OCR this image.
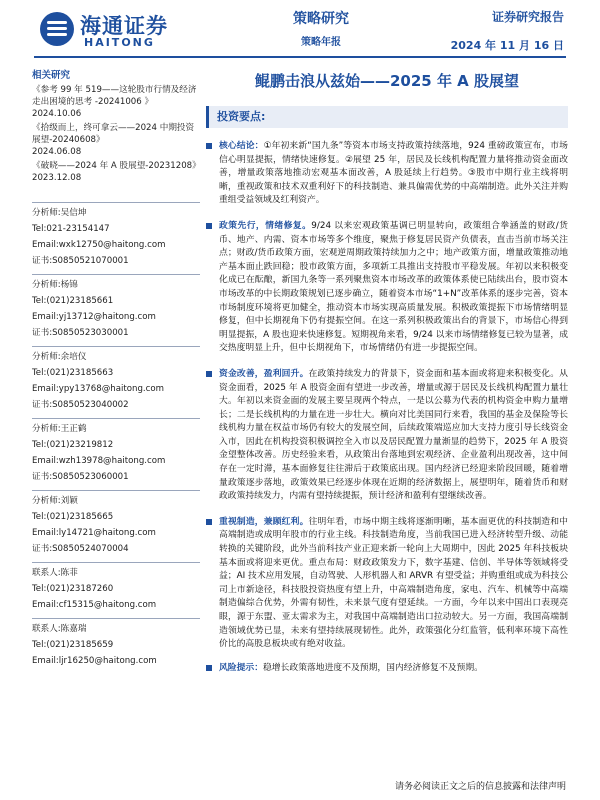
海通证券
HAITONG
策略研究
策略年报
证券研究报告
2024 年 11 月 16 日
相关研究
《参考 99 年 519——这轮股市行情及经济走出困境的思考 -20241006 》
2024.10.06
《拾级而上，终可拿云——2024 中期投资展望-20240608》
2024.06.08
《破晓——2024 年 A 股展望-20231208》
2023.12.08
分析师:吴信坤
Tel:021-23154147
Email:wxk12750@haitong.com
证书:S0850521070001
分析师:杨锦
Tel:(021)23185661
Email:yj13712@haitong.com
证书:S0850523030001
分析师:余培仪
Tel:(021)23185663
Email:ypy13768@haitong.com
证书:S0850523040002
分析师:王正鹤
Tel:(021)23219812
Email:wzh13978@haitong.com
证书:S0850523060001
分析师:刘颖
Tel:(021)23185665
Email:ly14721@haitong.com
证书:S0850524070004
联系人:陈菲
Tel:(021)23187260
Email:cf15315@haitong.com
联系人:陈嘉瑞
Tel:(021)23185659
Email:ljr16250@haitong.com
鲲鹏击浪从兹始——2025 年 A 股展望
投资要点:
核心结论：①年初来新“国九条”等资本市场支持政策持续落地，924 重磅政策宣布，市场信心明显提振，情绪快速修复。②展望 25 年，居民及长线机构配置力量将推动资金面改善，增量政策落地推动宏观基本面改善，A 股延续上行趋势。③股市中期行业主线将明晰，重视政策和技术双重利好下的科技制造、兼具偏需优势的中高端制造。此外关注并购重组受益领域及红利资产。
政策先行，情绪修复。9/24 以来宏观政策基调已明显转向，政策组合拳涵盖的财政/货币、地产、内需、资本市场等多个维度，聚焦于修复居民资产负债表，直击当前市场关注点；财政/货币政策方面，宏观逆周期政策持续加力之中；地产政策方面，增量政策推动地产基本面止跌回稳；股市政策方面，多项新工具推出支持股市平稳发展。年初以来积极变化成已在酝酿，新国九条等一系列聚焦资本市场改革的政策体系使已陆续出台，股市资本市场改革的中长期政策规划已逐步确立，随着资本市场“1+N”改革体系的逐步完善，资本市场制度环境将更加健全，推动资本市场实现高质量发展。积极政策提振下市场情绪明显修复，但中长期视角下仍有提振空间。在这一系列积极政策出台的背景下，市场信心得到明显提振，A 股也迎来快速修复。短期视角来看，9/24 以来市场情绪修复已较为显著，成交热度明显上升，但中长期视角下，市场情绪仍有进一步提振空间。
资金改善，盈利回升。在政策持续发力的背景下，资金面和基本面或将迎来积极变化。从资金面看，2025 年 A 股资金面有望进一步改善，增量或源于居民及长线机构配置力量壮大。年初以来资金面的发展主要呈现两个特点，一是以公募为代表的机构资金申购力量增长；二是长线机构的力量在进一步壮大。横向对比美国同行来看，我国的基金及保险等长线机构力量在权益市场仍有较大的发展空间，后续政策端巡应加大支持力度引导长线资金入市，因此在机构投资积极调控全入市以及居民配置力量渐显的趋势下，2025 年 A 股资金望整体改善。历史经验来看，从政策出台落地到宏观经济、企业盈利出现改善，这中间存在一定时滞，基本面修复往往滞后于政策底出现。国内经济已经迎来阶段回暖，随着增量政策逐步落地，政策效果已经逐步体现在近期的经济数据上，展望明年，随着货币和财政政策持续发力，内需有望持续提振，预计经济和盈利有望继续改善。
重视制造，兼顾红利。往明年看，市场中期主线将逐渐明晰，基本面更优的科技制造和中高端制造或成明年股市的行业主线。科技制造角度，当前我国已进入经济转型升级、动能转换的关键阶段，此外当前科技产业正迎来新一轮向上大周期中，因此 2025 年科技板块基本面或将迎来更优。重点布局：财政政策发力下，数字基建、信创、半导体等领域将受益；AI 技术应用发展，自动驾驶、人形机器人和 ARVR 有望受益；并购重组或成为科技公司上市新途径，科技股投资热度有望上升，中高端制造角度，家电、汽车、机械等中高端制造偏综合优势，外需有韧性，未来景气度有望延续。一方面，今年以来中国出口表现亮眼，源于东盟、亚太需求为主，对我国中高端制造出口拉动较大。另一方面，我国高端制造领域优势已显，未来有望持续展现韧性。此外，政策强化分红监管，低利率环境下高性价比的高股息板块或有绝对收益。
风险提示：稳增长政策落地进度不及预期，国内经济修复不及预期。
请务必阅读正文之后的信息披露和法律声明
